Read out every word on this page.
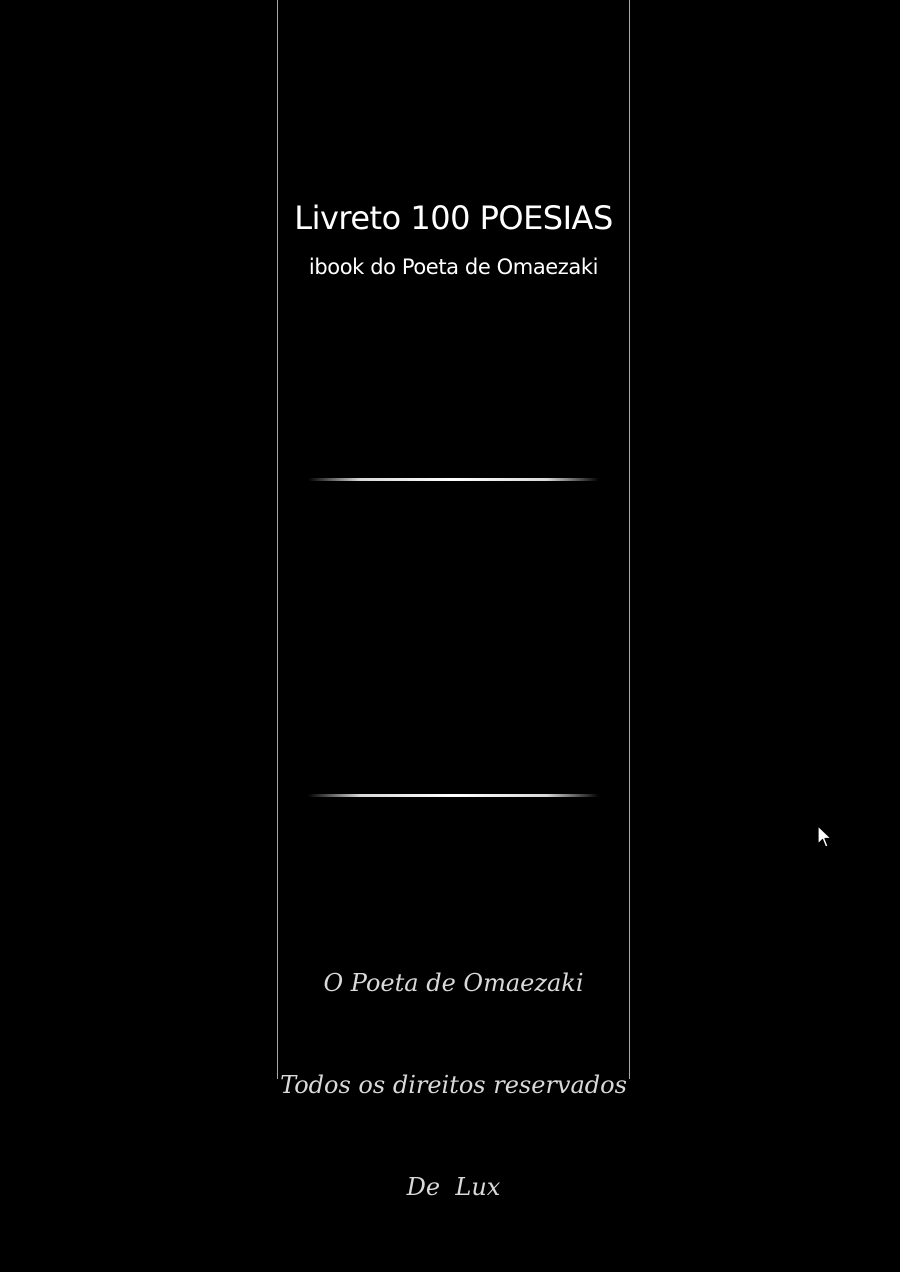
Livreto 100 POESIAS
ibook do Poeta de Omaezaki

O Poeta de Omaezaki

Todos os direitos reservados

De  Lux
